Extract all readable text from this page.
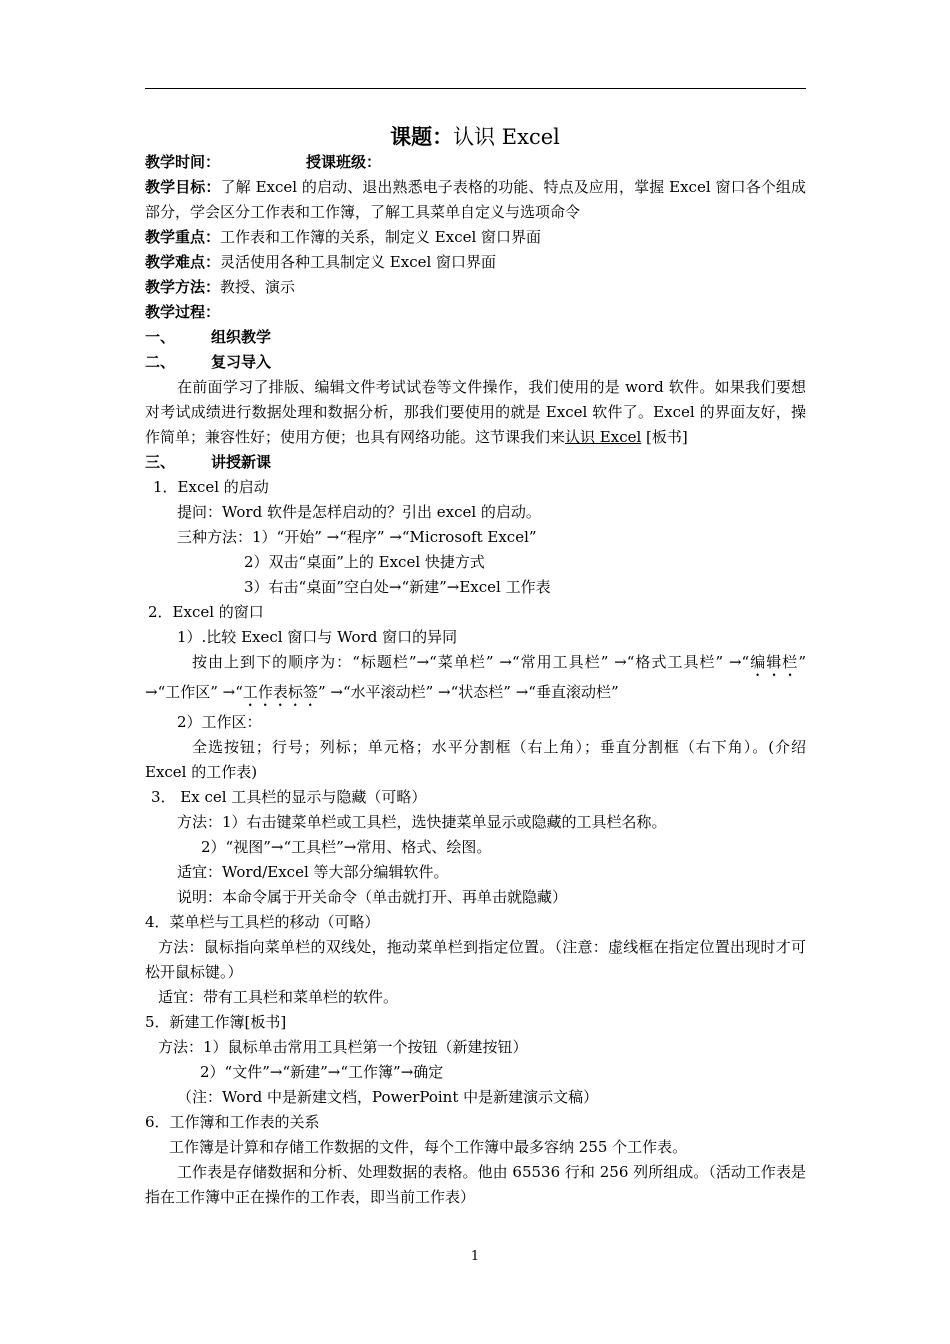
课题：认识 Excel

教学时间：	授课班级：

教学目标：了解 Excel 的启动、退出熟悉电子表格的功能、特点及应用，掌握 Excel 窗口各个组成部分，学会区分工作表和工作簿，了解工具菜单自定义与选项命令

教学重点：工作表和工作簿的关系，制定义 Excel 窗口界面

教学难点：灵活使用各种工具制定义 Excel 窗口界面

教学方法：教授、演示

教学过程：

一、 组织教学

二、 复习导入

在前面学习了排版、编辑文件考试试卷等文件操作，我们使用的是 word 软件。如果我们要想对考试成绩进行数据处理和数据分析，那我们要使用的就是 Excel 软件了。Excel 的界面友好，操作简单；兼容性好；使用方便；也具有网络功能。这节课我们来认识 Excel [板书]

三、 讲授新课

1．Excel 的启动

提问：Word 软件是怎样启动的？引出 excel 的启动。

三种方法：1）“开始” →“程序” →“Microsoft Excel”

2）双击“桌面”上的 Excel 快捷方式

3）右击“桌面”空白处→“新建”→Excel 工作表

2．Excel 的窗口

1）.比较 Execl 窗口与 Word 窗口的异同

按由上到下的顺序为：“标题栏”→“菜单栏” →“常用工具栏” →“格式工具栏” →“编辑栏” →“工作区” →“工作表标签” →“水平滚动栏” →“状态栏” →“垂直滚动栏”

2）工作区：

全选按钮；行号；列标；单元格；水平分割框（右上角）；垂直分割框（右下角）。(介绍 Excel 的工作表)

3． Ex cel 工具栏的显示与隐藏（可略）

方法：1）右击键菜单栏或工具栏，选快捷菜单显示或隐藏的工具栏名称。

2）“视图”→“工具栏”→常用、格式、绘图。

适宜：Word/Excel 等大部分编辑软件。

说明：本命令属于开关命令（单击就打开、再单击就隐藏）

4．菜单栏与工具栏的移动（可略）

方法：鼠标指向菜单栏的双线处，拖动菜单栏到指定位置。（注意：虚线框在指定位置出现时才可松开鼠标键。）

适宜：带有工具栏和菜单栏的软件。

5．新建工作簿[板书]

方法：1）鼠标单击常用工具栏第一个按钮（新建按钮）

2）“文件”→“新建”→“工作簿”→确定

（注：Word 中是新建文档，PowerPoint 中是新建演示文稿）

6．工作簿和工作表的关系

工作簿是计算和存储工作数据的文件，每个工作簿中最多容纳 255 个工作表。

工作表是存储数据和分析、处理数据的表格。他由 65536 行和 256 列所组成。（活动工作表是指在工作簿中正在操作的工作表，即当前工作表）

1
